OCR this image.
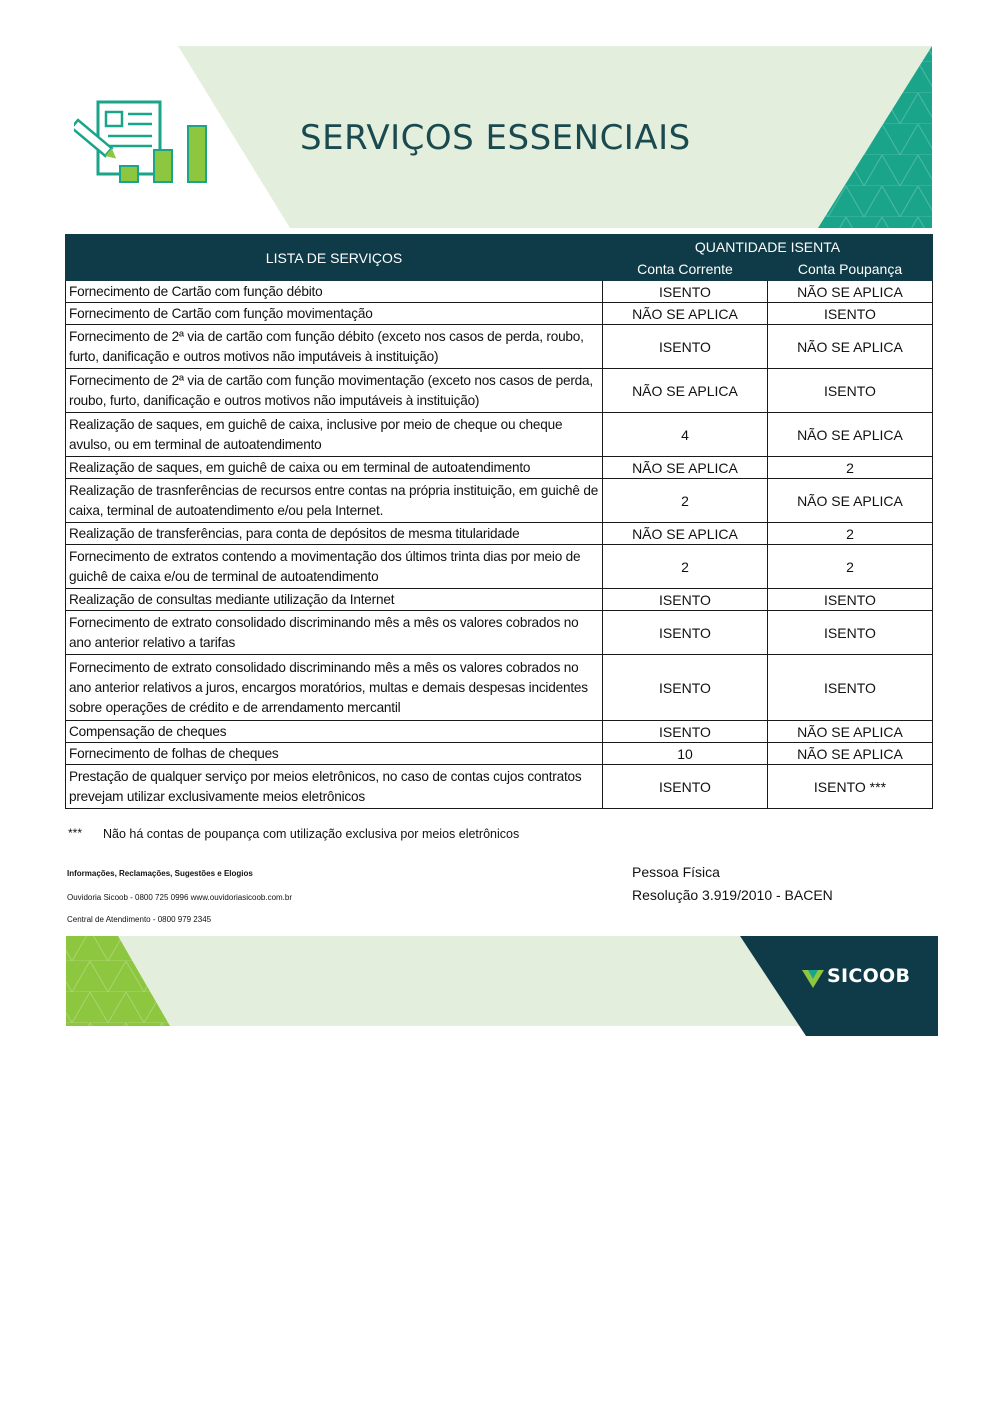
SERVIÇOS ESSENCIAIS
LISTA DE SERVIÇOS	QUANTIDADE ISENTA	
	Conta Corrente	Conta Poupança
Fornecimento de Cartão com função débito	ISENTO	NÃO SE APLICA
Fornecimento de Cartão com função movimentação	NÃO SE APLICA	ISENTO
Fornecimento de 2ª via de cartão com função débito (exceto nos casos de perda, roubo, furto, danificação e outros motivos não imputáveis à instituição)	ISENTO	NÃO SE APLICA
Fornecimento de 2ª via de cartão com função movimentação (exceto nos casos de perda, roubo, furto, danificação e outros motivos não imputáveis à instituição)	NÃO SE APLICA	ISENTO
Realização de saques, em guichê de caixa, inclusive por meio de cheque ou cheque avulso, ou em terminal de autoatendimento	4	NÃO SE APLICA
Realização de saques, em guichê de caixa ou em terminal de autoatendimento	NÃO SE APLICA	2
Realização de trasnferências de recursos entre contas na própria instituição, em guichê de caixa, terminal de autoatendimento e/ou pela Internet.	2	NÃO SE APLICA
Realização de transferências, para conta de depósitos de mesma titularidade	NÃO SE APLICA	2
Fornecimento de extratos contendo a movimentação dos últimos trinta dias por meio de guichê de caixa e/ou de terminal de autoatendimento	2	2
Realização de consultas mediante utilização da Internet	ISENTO	ISENTO
Fornecimento de extrato consolidado discriminando mês a mês os valores cobrados no ano anterior relativo a tarifas	ISENTO	ISENTO
Fornecimento de extrato consolidado discriminando mês a mês os valores cobrados no ano anterior relativos a juros, encargos moratórios, multas e demais despesas incidentes sobre operações de crédito e de arrendamento mercantil	ISENTO	ISENTO
Compensação de cheques	ISENTO	NÃO SE APLICA
Fornecimento de folhas de cheques	10	NÃO SE APLICA
Prestação de qualquer serviço por meios eletrônicos, no caso de contas cujos contratos prevejam utilizar exclusivamente meios eletrônicos	ISENTO	ISENTO ***
*** Não há contas de poupança com utilização exclusiva por meios eletrônicos
Informações, Reclamações, Sugestões e Elogios
Ouvidoria Sicoob - 0800 725 0996 www.ouvidoriasicoob.com.br
Central de Atendimento - 0800 979 2345
Pessoa Física
Resolução 3.919/2010 - BACEN
SICOOB
